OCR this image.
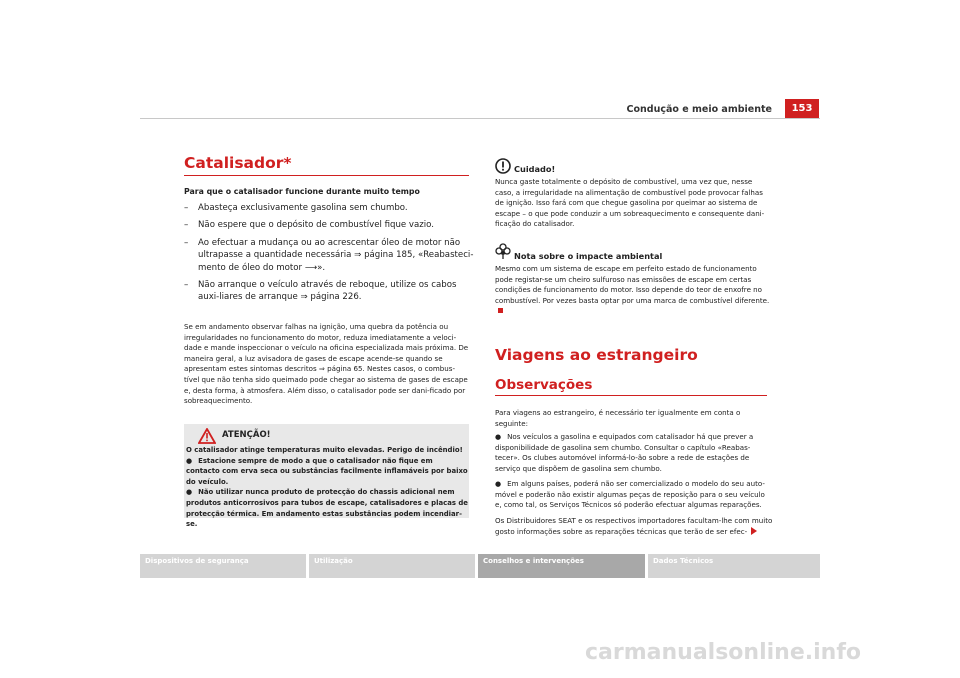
Condução e meio ambiente	153
Catalisador*
Para que o catalisador funcione durante muito tempo
– Abasteça exclusivamente gasolina sem chumbo.
– Não espere que o depósito de combustível fique vazio.
– Ao efectuar a mudança ou ao acrescentar óleo de motor não ultrapasse a quantidade necessária ⇒ página 185, «Reabasteci-mento de óleo do motor ⟶».
– Não arranque o veículo através de reboque, utilize os cabos auxi-liares de arranque ⇒ página 226.

Se em andamento observar falhas na ignição, uma quebra da potência ou irregularidades no funcionamento do motor, reduza imediatamente a veloci-dade e mande inspeccionar o veículo na oficina especializada mais próxima. De maneira geral, a luz avisadora de gases de escape acende-se quando se apresentam estes sintomas descritos ⇒ página 65. Nestes casos, o combus-tível que não tenha sido queimado pode chegar ao sistema de gases de escape e, desta forma, à atmosfera. Além disso, o catalisador pode ser dani-ficado por sobreaquecimento.

ATENÇÃO!
O catalisador atinge temperaturas muito elevadas. Perigo de incêndio!
● Estacione sempre de modo a que o catalisador não fique em contacto com erva seca ou substâncias facilmente inflamáveis por baixo do veículo.
● Não utilizar nunca produto de protecção do chassis adicional nem produtos anticorrosivos para tubos de escape, catalisadores e placas de protecção térmica. Em andamento estas substâncias podem incendiar-se.
Cuidado!

Nunca gaste totalmente o depósito de combustível, uma vez que, nesse caso, a irregularidade na alimentação de combustível pode provocar falhas de ignição. Isso fará com que chegue gasolina por queimar ao sistema de escape – o que pode conduzir a um sobreaquecimento e consequente dani-ficação do catalisador.

Nota sobre o impacte ambiental

Mesmo com um sistema de escape em perfeito estado de funcionamento pode registar-se um cheiro sulfuroso nas emissões de escape em certas condições de funcionamento do motor. Isso depende do teor de enxofre no combustível. Por vezes basta optar por uma marca de combustível diferente.

Viagens ao estrangeiro
Observações

Para viagens ao estrangeiro, é necessário ter igualmente em conta o seguinte:

● Nos veículos a gasolina e equipados com catalisador há que prever a disponibilidade de gasolina sem chumbo. Consultar o capítulo «Reabas-tecer». Os clubes automóvel informá-lo-ão sobre a rede de estações de serviço que dispõem de gasolina sem chumbo.

● Em alguns países, poderá não ser comercializado o modelo do seu auto-móvel e poderão não existir algumas peças de reposição para o seu veículo e, como tal, os Serviços Técnicos só poderão efectuar algumas reparações.

Os Distribuidores SEAT e os respectivos importadores facultam-lhe com muito gosto informações sobre as reparações técnicas que terão de ser efec-

Dispositivos de segurança	Utilização	Conselhos e intervenções	Dados Técnicos
carmanualsonline.info
